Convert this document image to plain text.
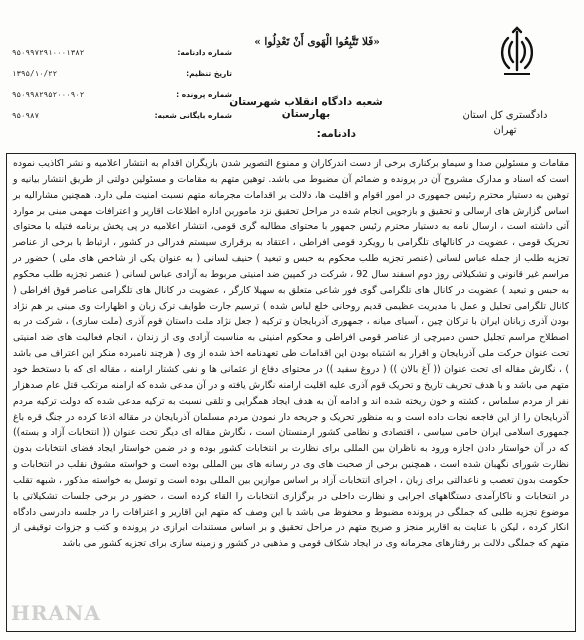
«فَلا تَتَّبِعُوا الْهَوى أَنْ تَعْدِلُوا »
دادگستری کل استان
تهران
شعبه دادگاه انقلاب شهرستان بهارستان
شماره دادنامه:
۹۵۰۹۹۷۲۹۱۰۰۰۱۳۸۲
تاریخ تنظیم:
۱۳۹۵/۱۰/۲۲
شماره پرونده :
۹۵۰۹۹۸۲۹۵۲۰۰۰۹۰۲
شماره بایگانی شعبه:
۹۵۰۹۸۷
دادنامه:

مقامات و مسئولین صدا و سیماو برکناری برخی از دست اندرکاران و ممنوع التصویر شدن بازیگران اقدام به انتشار اعلامیه و نشر اکاذیب نموده است که اسناد و مدارک مشروح آن در پرونده و ضمائم آن مضبوط می باشد. توهین متهم به مقامات و مسئولین دولتی از طریق انتشار بیانیه و توهین به دستیار محترم رئیس جمهوری در امور اقوام و اقلیت ها، دلالت بر اقدامات مجرمانه متهم نسبت امنیت ملی دارد. همچنین مشارالیه بر اساس گزارش های ارسالی و تحقیق و بازجویی انجام شده در مراحل تحقیق نزد ماموربن اداره اطلاعات اقاریر و اعترافات مهمی مبنی بر موارد آتی داشته است ، ارسال نامه به دستیار محترم رئیس جمهور با محتوای مطالبه گری قومی، انتشار اعلامیه در پی پخش برنامه فتیله با محتوای تحریک قومی ، عضویت در کانالهای تلگرامی با رویکرد قومی افراطی ، اعتقاد به برقراری سیستم فدرالی در کشور ، ارتباط با برخی از عناصر تجزیه طلب از جمله عباس لسانی (عنصر تجزیه طلب محکوم به حبس و تبعید ) حنیف لسانی ( به عنوان یکی از شاخص های ملی ) حضور در مراسم غیر قانونی و تشکیلاتی روز دوم اسفند سال 92 ، شرکت در کمپین ضد امنیتی مربوط به آزادی عباس لسانی ( عنصر تجزیه طلب محکوم به حبس و تبعید ) عضویت در کانال های تلگرامی گوی فور شاعی متعلق به سهیلا کارگر ، عضویت در کانال های تلگرامی عناصر قوق افراطی ( کانال تلگرامی تحلیل و عمل با مدیریت عظیمی قدیم روحانی خلع لباس شده ) ترسیم جارت طوایف ترک زبان و اظهارات وی مبنی بر هم نژاد بودن آذری زبانان ایران با ترکان چین ، آسیای میانه ، جمهوری آذربایجان و ترکیه ( جعل نژاد ملت داستان قوم آذری (ملت سازی) ، شرکت در به اصطلاح مراسم تجلیل حسن دمیرچی از عناصر قومی افراطی و محکوم امنیتی به مناسبت آزادی وی از زندان ، انجام فعالیت های ضد امنیتی تحت عنوان حرکت ملی آذربایجان و اقرار به اشتباه بودن این اقدامات طی تعهدنامه اخذ شده از وی ( هرچند نامبرده منکر این اعتراف می باشد ) ، نگارش مقاله ای تحت عنوان (( آغ بالان )) ( دروغ سفید )) در محتوای دفاع از عثمانی ها و نفی کشتار ارامنه ، مقاله ای که با دستخط خود متهم می باشد و با هدف تحریف تاریخ و تحریک قوم آذری علیه اقلیت ارامنه نگارش یافته و در آن مدعی شده که ارامنه مرتکب قتل عام صدهزار نفر از مردم سلماس ، کشته و خون ریخته شده اند و ادامه آن به هدف ایجاد همگرایی و تلقی نسبت به ترکیه مدعی شده که دولت ترکیه مردم آذربایجان را از این فاجعه نجات داده است و به منظور تحریک و جریحه دار نمودن مردم مسلمان آذربایجان در مقاله اذعا کرده در جنگ قره باغ جمهوری اسلامی ایران حامی سیاسی ، اقتصادی و نظامی کشور ارمنستان است ، نگارش مقاله ای دیگر تحت عنوان (( انتخابات آزاد و بسته)) که در آن خواستار دادن اجازه ورود به ناظران بین المللی برای نظارت بر انتخابات کشور بوده و در ضمن خواستار ایجاد فضای انتخابات بدون نظارت شورای نگهبان شده است ، همچنین برخی از صحبت های وی در رسانه های بین المللی بوده است و خواسته مشوق نقلب در انتخابات و حکومت بدون تعصب و ناعدالتی برای زبان ، اجرای انتخابات آزاد بر اساس موازین بین المللی بوده است و توسل به خواسته مذکور ، شبهه تقلب در انتخابات و ناکارآمدی دستگاههای اجرایی و نظارت داخلی در برگزاری انتخابات را القاء کرده است ، حضور در برخی جلسات تشکیلاتی با موضوع تجزیه طلبی که جملگی در پرونده مضبوط و محفوظ می باشد با این وصف که متهم این اقاریر و اعترافات را در جلسه دادرسی دادگاه انکار کرده ، لیکن با عنایت به اقاریر منجز و صریح متهم در مراحل تحقیق و بر اساس مستندات ابرازی در پرونده و کتب و جزوات توقیفی از متهم که جملگی دلالت بر رفتارهای مجرمانه وی در ایجاد شکاف قومی و مذهبی در کشور و زمینه سازی برای تجزیه کشور می باشد

HRANA
